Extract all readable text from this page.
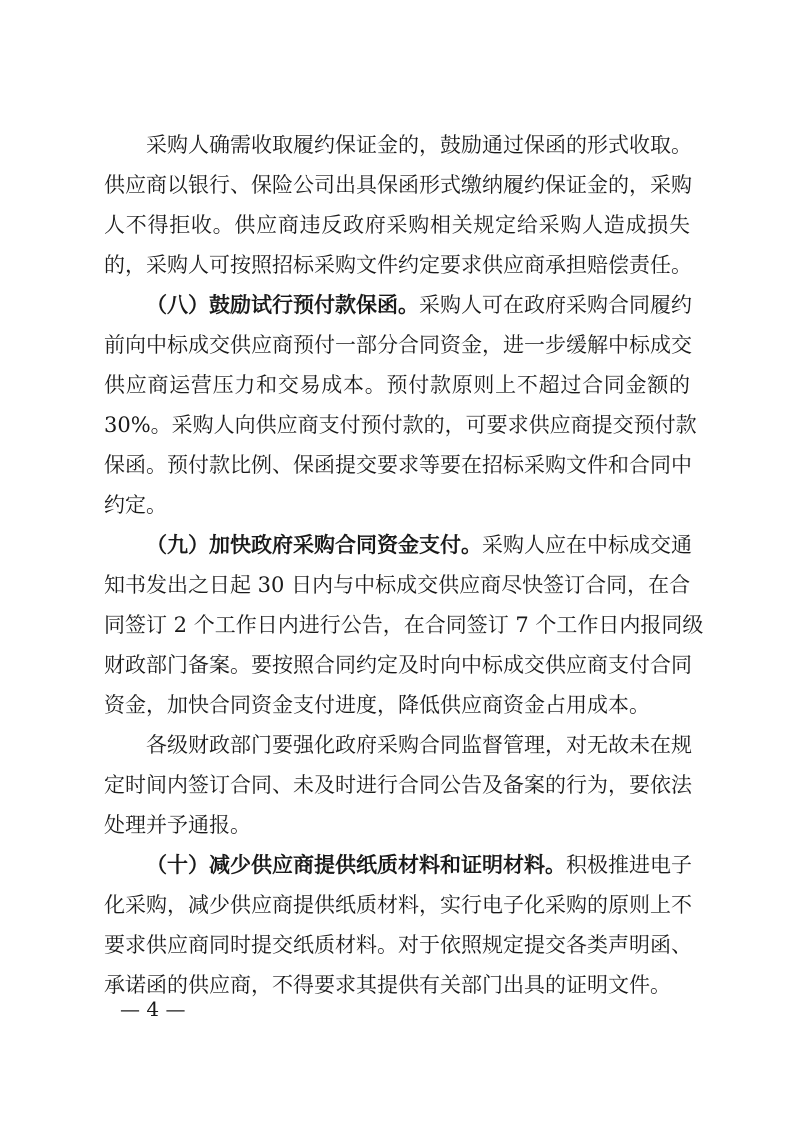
采购人确需收取履约保证金的，鼓励通过保函的形式收取。
供应商以银行、保险公司出具保函形式缴纳履约保证金的，采购
人不得拒收。供应商违反政府采购相关规定给采购人造成损失
的，采购人可按照招标采购文件约定要求供应商承担赔偿责任。
（八）鼓励试行预付款保函。采购人可在政府采购合同履约
前向中标成交供应商预付一部分合同资金，进一步缓解中标成交
供应商运营压力和交易成本。预付款原则上不超过合同金额的
30%。采购人向供应商支付预付款的，可要求供应商提交预付款
保函。预付款比例、保函提交要求等要在招标采购文件和合同中
约定。
（九）加快政府采购合同资金支付。采购人应在中标成交通
知书发出之日起 30 日内与中标成交供应商尽快签订合同，在合
同签订 2 个工作日内进行公告，在合同签订 7 个工作日内报同级
财政部门备案。要按照合同约定及时向中标成交供应商支付合同
资金，加快合同资金支付进度，降低供应商资金占用成本。
各级财政部门要强化政府采购合同监督管理，对无故未在规
定时间内签订合同、未及时进行合同公告及备案的行为，要依法
处理并予通报。
（十）减少供应商提供纸质材料和证明材料。积极推进电子
化采购，减少供应商提供纸质材料，实行电子化采购的原则上不
要求供应商同时提交纸质材料。对于依照规定提交各类声明函、
承诺函的供应商，不得要求其提供有关部门出具的证明文件。
— 4 —
